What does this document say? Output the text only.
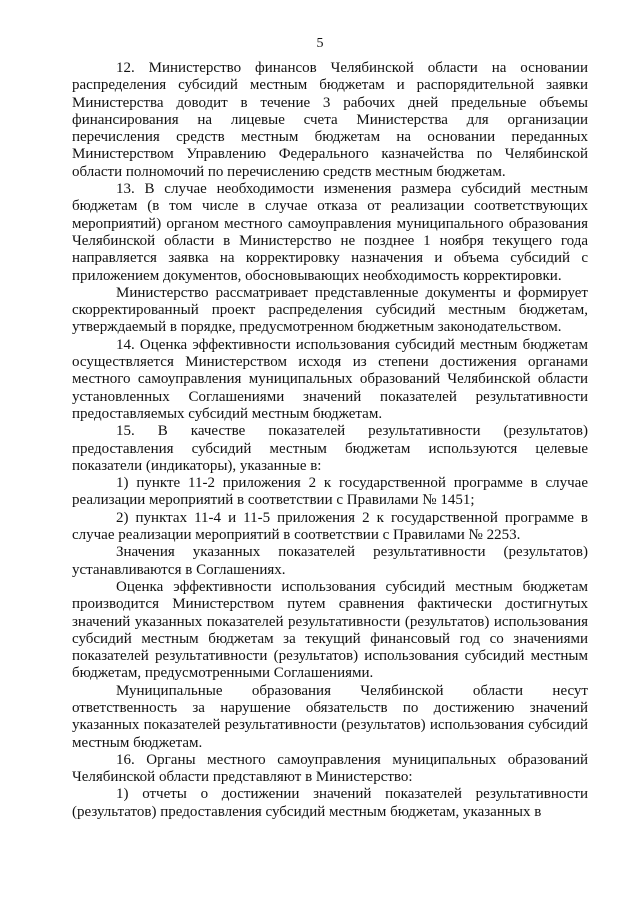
5

12. Министерство финансов Челябинской области на основании распределения субсидий местным бюджетам и распорядительной заявки Министерства доводит в течение 3 рабочих дней предельные объемы финансирования на лицевые счета Министерства для организации перечисления средств местным бюджетам на основании переданных Министерством Управлению Федерального казначейства по Челябинской области полномочий по перечислению средств местным бюджетам.

13. В случае необходимости изменения размера субсидий местным бюджетам (в том числе в случае отказа от реализации соответствующих мероприятий) органом местного самоуправления муниципального образования Челябинской области в Министерство не позднее 1 ноября текущего года направляется заявка на корректировку назначения и объема субсидий с приложением документов, обосновывающих необходимость корректировки.

Министерство рассматривает представленные документы и формирует скорректированный проект распределения субсидий местным бюджетам, утверждаемый в порядке, предусмотренном бюджетным законодательством.

14. Оценка эффективности использования субсидий местным бюджетам осуществляется Министерством исходя из степени достижения органами местного самоуправления муниципальных образований Челябинской области установленных Соглашениями значений показателей результативности предоставляемых субсидий местным бюджетам.

15. В качестве показателей результативности (результатов) предоставления субсидий местным бюджетам используются целевые показатели (индикаторы), указанные в:

1) пункте 11-2 приложения 2 к государственной программе в случае реализации мероприятий в соответствии с Правилами № 1451;

2) пунктах 11-4 и 11-5 приложения 2 к государственной программе в случае реализации мероприятий в соответствии с Правилами № 2253.

Значения указанных показателей результативности (результатов) устанавливаются в Соглашениях.

Оценка эффективности использования субсидий местным бюджетам производится Министерством путем сравнения фактически достигнутых значений указанных показателей результативности (результатов) использования субсидий местным бюджетам за текущий финансовый год со значениями показателей результативности (результатов) использования субсидий местным бюджетам, предусмотренными Соглашениями.

Муниципальные образования Челябинской области несут ответственность за нарушение обязательств по достижению значений указанных показателей результативности (результатов) использования субсидий местным бюджетам.

16. Органы местного самоуправления муниципальных образований Челябинской области представляют в Министерство:

1) отчеты о достижении значений показателей результативности (результатов) предоставления субсидий местным бюджетам, указанных в
